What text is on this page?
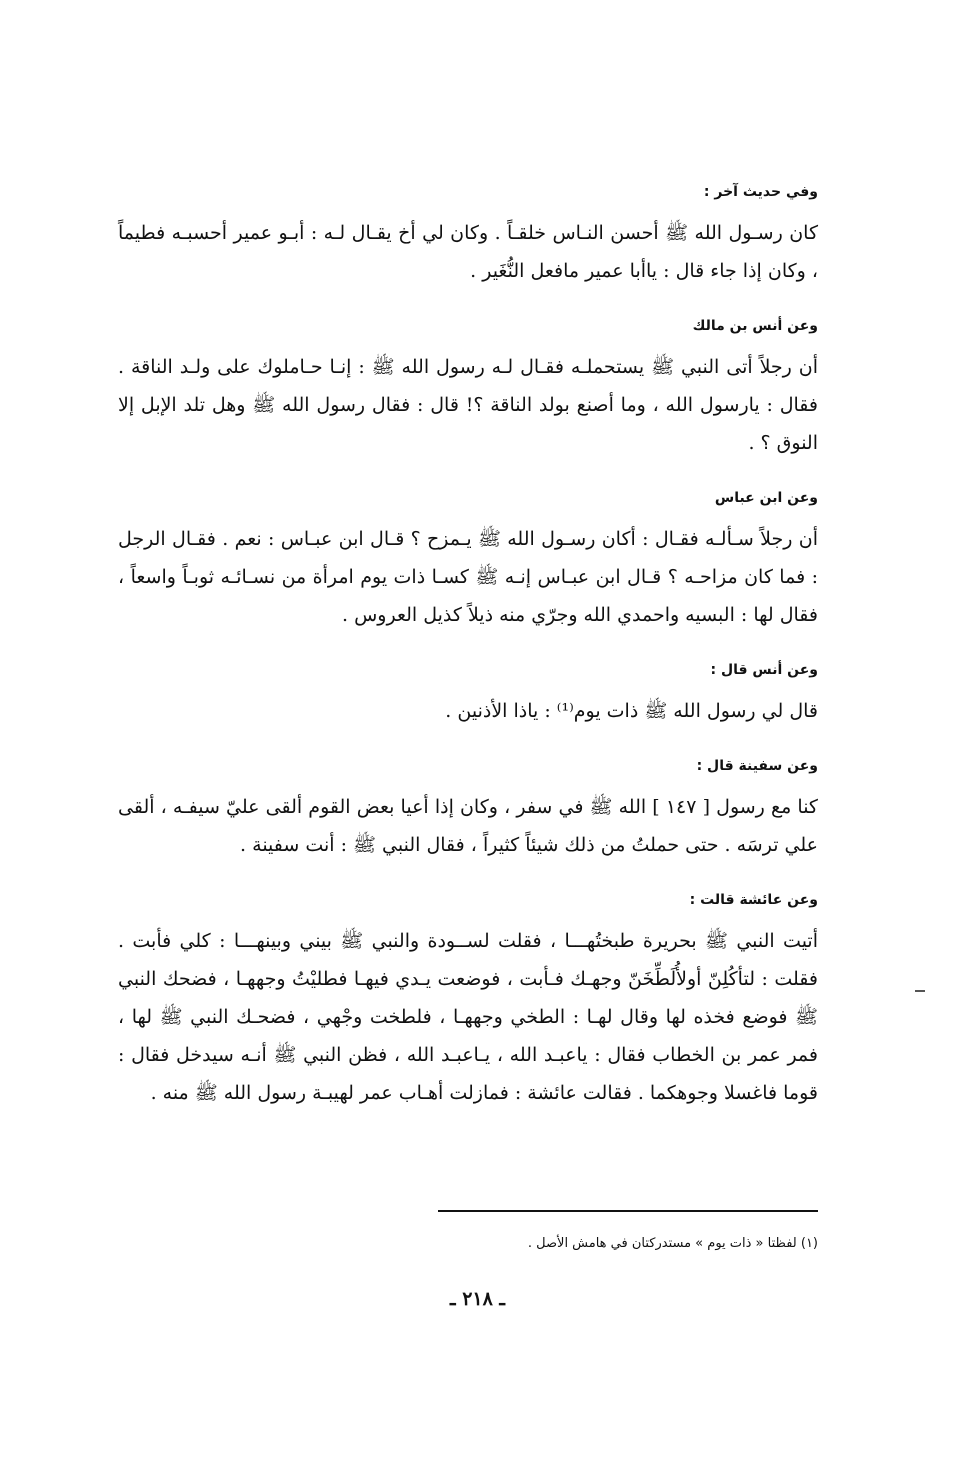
وفي حديث آخر :

كان رسـول الله ﷺ أحسن النـاس خلقـاً . وكان لي أخ يقـال لـه : أبـو عمير أحسبـه فطيماً ، وكان إذا جاء قال : ياأبا عمير مافعل النُّغَير .

وعن أنس بن مالك

أن رجلاً أتى النبي ﷺ يستحملـه فقـال لـه رسول الله ﷺ : إنـا حـاملوك على ولـد الناقة . فقال : يارسول الله ، وما أصنع بولد الناقة ؟! قال : فقال رسول الله ﷺ وهل تلد الإبل إلا النوق ؟ .

وعن ابن عباس

أن رجلاً سـألـه فقـال : أكان رسـول الله ﷺ يـمزح ؟ قـال ابن عبـاس : نعم . فقـال الرجل : فما كان مزاحـه ؟ قـال ابن عبـاس إنـه ﷺ كسـا ذات يوم امرأة من نسـائـه ثوبـاً واسعاً ، فقال لها : البسيه واحمدي الله وجرّي منه ذيلاً كذيل العروس .

وعن أنس قال :

قال لي رسول الله ﷺ ذات يوم⁽¹⁾ : ياذا الأذنين .

وعن سفينة قال :

كنا مع رسول [ ١٤٧ ] الله ﷺ في سفر ، وكان إذا أعيا بعض القوم ألقى عليّ سيفـه ، ألقى علي ترسَه . حتى حملتُ من ذلك شيئاً كثيراً ، فقال النبي ﷺ : أنت سفينة .

وعن عائشة قالت :

أتيت النبي ﷺ بحريرة طبختُهـــا ، فقلت لســودة والنبي ﷺ بيني وبينهـــا : كلي فأبت . فقلت : لتأكُلِنّ أولأُلَطِّخَنّ وجهـك فـأبت ، فوضعت يـدي فيهـا فطليْتُ وجههـا ، فضحك النبي ﷺ فوضع فخذه لها وقال لهـا : الطخي وجههـا ، فلطخت وجْهي ، فضحـك النبي ﷺ لها ، فمر عمر بن الخطاب فقال : ياعبـد الله ، يـاعبـد الله ، فظن النبي ﷺ أنـه سيدخل فقال : قوما فاغسلا وجوهكما . فقالت عائشة : فمازلت أهـاب عمر لهيبـة رسول الله ﷺ منه .

(١) لفظتا « ذات يوم » مستدركتان في هامش الأصل .
ـ ٢١٨ ـ
